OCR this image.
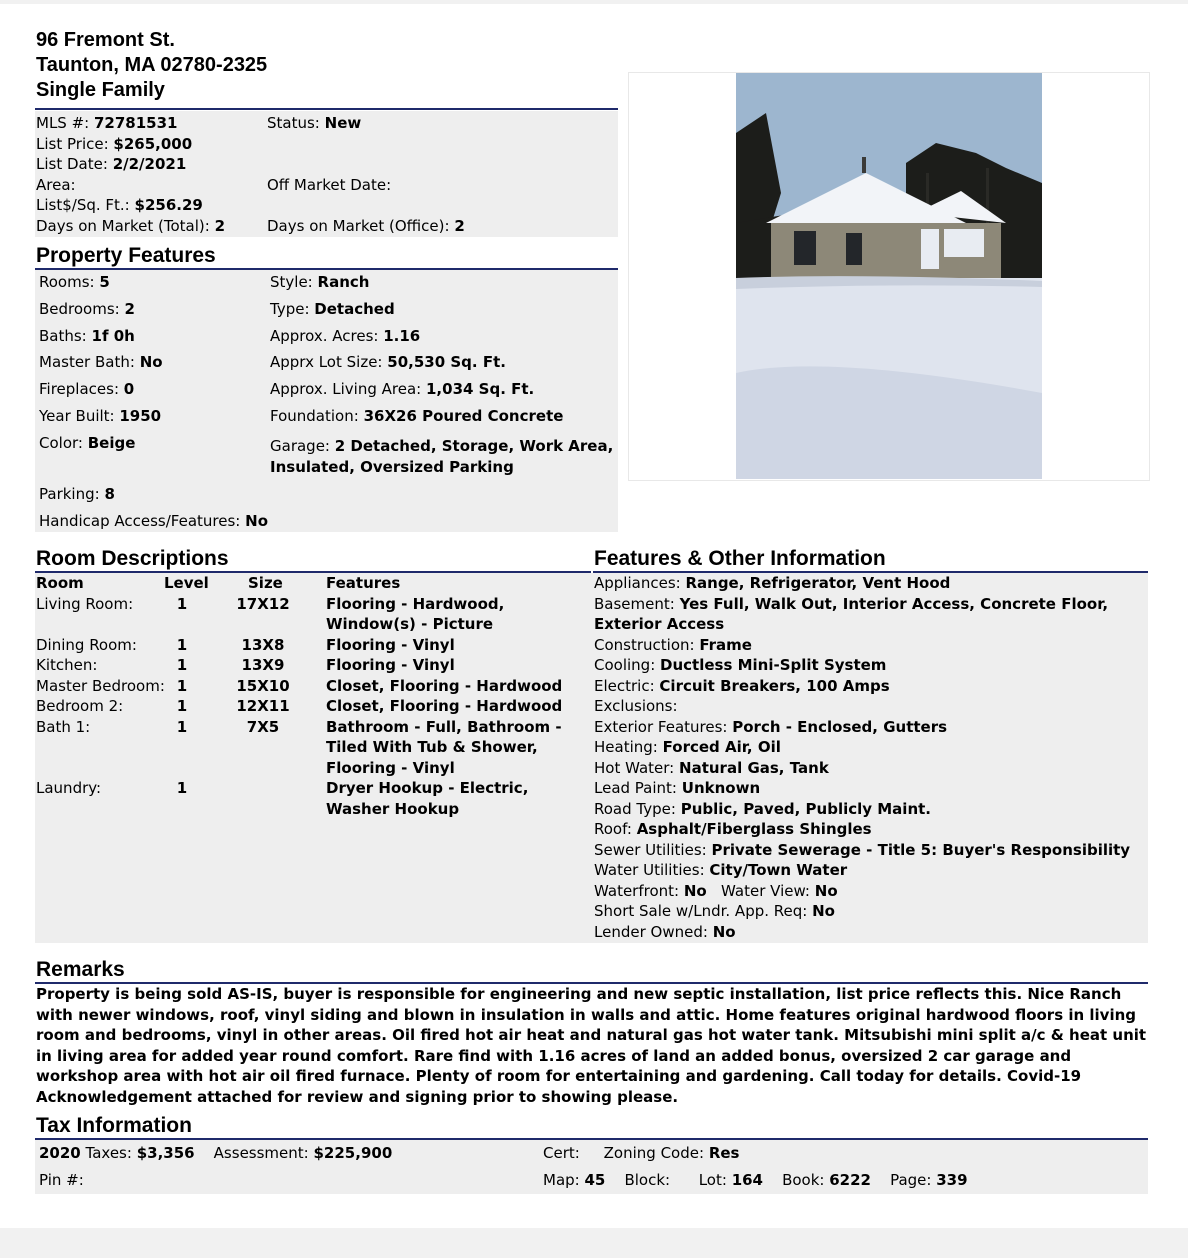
96 Fremont St.
Taunton, MA 02780-2325
Single Family
MLS #: 72781531
List Price: $265,000
List Date: 2/2/2021
Area:
List$/Sq. Ft.: $256.29
Days on Market (Total): 2
Status: New

Off Market Date:

Days on Market (Office): 2
Property Features
Rooms: 5
Bedrooms: 2
Baths: 1f 0h
Master Bath: No
Fireplaces: 0
Year Built: 1950
Color: Beige
Style: Ranch
Type: Detached
Approx. Acres: 1.16
Apprx Lot Size: 50,530 Sq. Ft.
Approx. Living Area: 1,034 Sq. Ft.
Foundation: 36X26 Poured Concrete
Garage: 2 Detached, Storage, Work Area,
Insulated, Oversized Parking
Parking: 8
Handicap Access/Features: No
Room Descriptions
Room	Level	Size	Features
Living Room:	1	17X12	Flooring - Hardwood,
Window(s) - Picture
Dining Room:	1	13X8	Flooring - Vinyl
Kitchen:	1	13X9	Flooring - Vinyl
Master Bedroom: 1	15X10	Closet, Flooring - Hardwood
Bedroom 2:	1	12X11	Closet, Flooring - Hardwood
Bath 1:	1	7X5	Bathroom - Full, Bathroom -
Tiled With Tub & Shower,
Flooring - Vinyl
Laundry:	1	Dryer Hookup - Electric,
Washer Hookup
Features & Other Information
Appliances: Range, Refrigerator, Vent Hood
Basement: Yes Full, Walk Out, Interior Access, Concrete Floor,
Exterior Access
Construction: Frame
Cooling: Ductless Mini-Split System
Electric: Circuit Breakers, 100 Amps
Exclusions:
Exterior Features: Porch - Enclosed, Gutters
Heating: Forced Air, Oil
Hot Water: Natural Gas, Tank
Lead Paint: Unknown
Road Type: Public, Paved, Publicly Maint.
Roof: Asphalt/Fiberglass Shingles
Sewer Utilities: Private Sewerage - Title 5: Buyer's Responsibility
Water Utilities: City/Town Water
Waterfront: No Water View: No
Short Sale w/Lndr. App. Req: No
Lender Owned: No
Remarks
Property is being sold AS-IS, buyer is responsible for engineering and new septic installation, list price reflects this. Nice Ranch
with newer windows, roof, vinyl siding and blown in insulation in walls and attic. Home features original hardwood floors in living
room and bedrooms, vinyl in other areas. Oil fired hot air heat and natural gas hot water tank. Mitsubishi mini split a/c & heat unit
in living area for added year round comfort. Rare find with 1.16 acres of land an added bonus, oversized 2 car garage and
workshop area with hot air oil fired furnace. Plenty of room for entertaining and gardening. Call today for details. Covid-19
Acknowledgement attached for review and signing prior to showing please.
Tax Information
2020 Taxes: $3,356 Assessment: $225,900
Pin #:
Cert: Zoning Code: Res
Map: 45 Block: Lot: 164 Book: 6222 Page: 339
